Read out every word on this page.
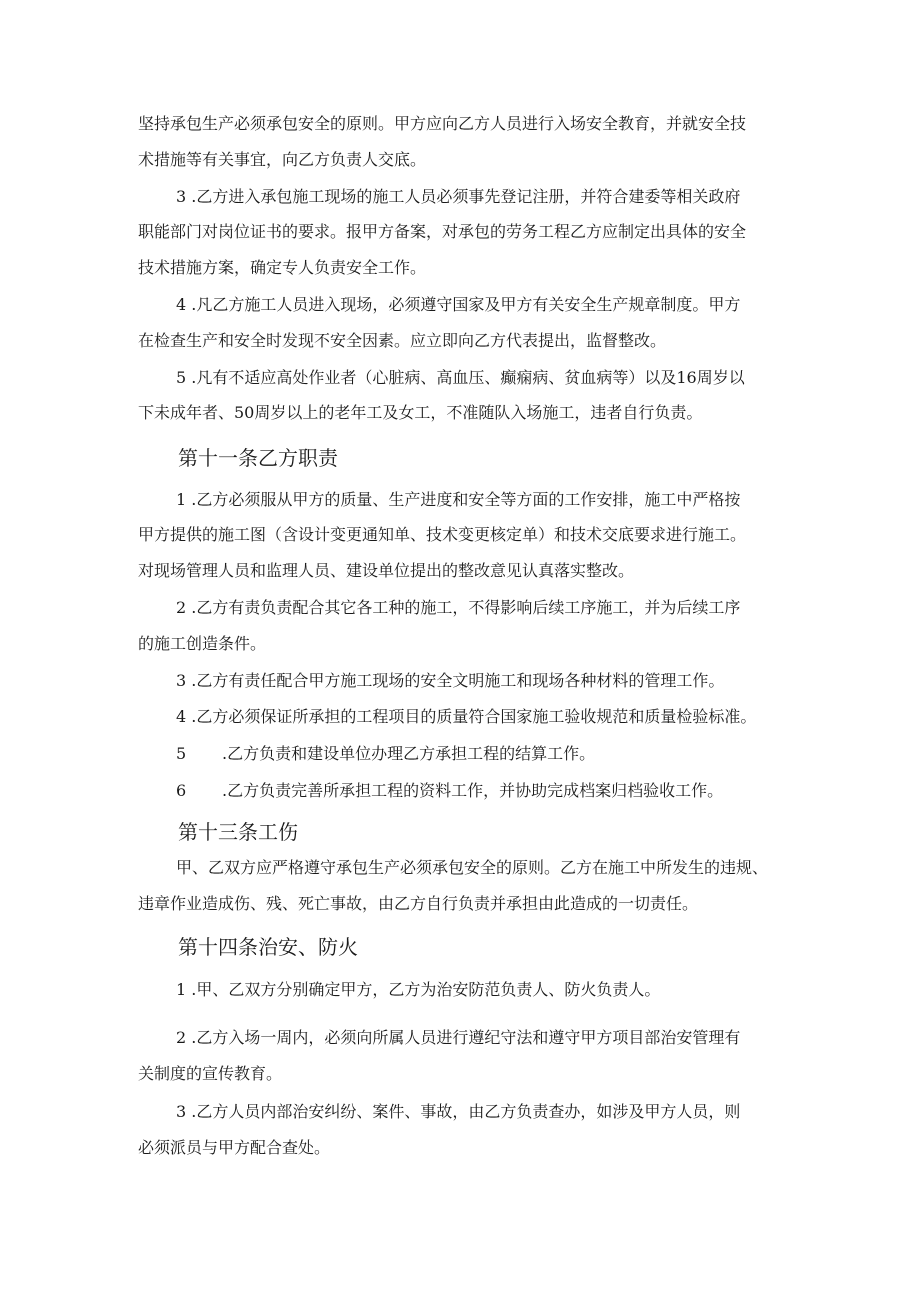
坚持承包生产必须承包安全的原则。甲方应向乙方人员进行入场安全教育，并就安全技
术措施等有关事宜，向乙方负责人交底。
3 .乙方进入承包施工现场的施工人员必须事先登记注册，并符合建委等相关政府
职能部门对岗位证书的要求。报甲方备案，对承包的劳务工程乙方应制定出具体的安全
技术措施方案，确定专人负责安全工作。
4 .凡乙方施工人员进入现场，必须遵守国家及甲方有关安全生产规章制度。甲方
在检查生产和安全时发现不安全因素。应立即向乙方代表提出，监督整改。
5 .凡有不适应高处作业者（心脏病、高血压、癫痫病、贫血病等）以及16周岁以
下未成年者、50周岁以上的老年工及女工，不准随队入场施工，违者自行负责。
第十一条乙方职责
1 .乙方必须服从甲方的质量、生产进度和安全等方面的工作安排，施工中严格按
甲方提供的施工图（含设计变更通知单、技术变更核定单）和技术交底要求进行施工。
对现场管理人员和监理人员、建设单位提出的整改意见认真落实整改。
2 .乙方有责负责配合其它各工种的施工，不得影响后续工序施工，并为后续工序
的施工创造条件。
3 .乙方有责任配合甲方施工现场的安全文明施工和现场各种材料的管理工作。
4 .乙方必须保证所承担的工程项目的质量符合国家施工验收规范和质量检验标准。
5 .乙方负责和建设单位办理乙方承担工程的结算工作。
6 .乙方负责完善所承担工程的资料工作，并协助完成档案归档验收工作。
第十三条工伤
甲、乙双方应严格遵守承包生产必须承包安全的原则。乙方在施工中所发生的违规、
违章作业造成伤、残、死亡事故，由乙方自行负责并承担由此造成的一切责任。
第十四条治安、防火
1 .甲、乙双方分别确定甲方，乙方为治安防范负责人、防火负责人。
2 .乙方入场一周内，必须向所属人员进行遵纪守法和遵守甲方项目部治安管理有
关制度的宣传教育。
3 .乙方人员内部治安纠纷、案件、事故，由乙方负责查办，如涉及甲方人员，则
必须派员与甲方配合查处。
